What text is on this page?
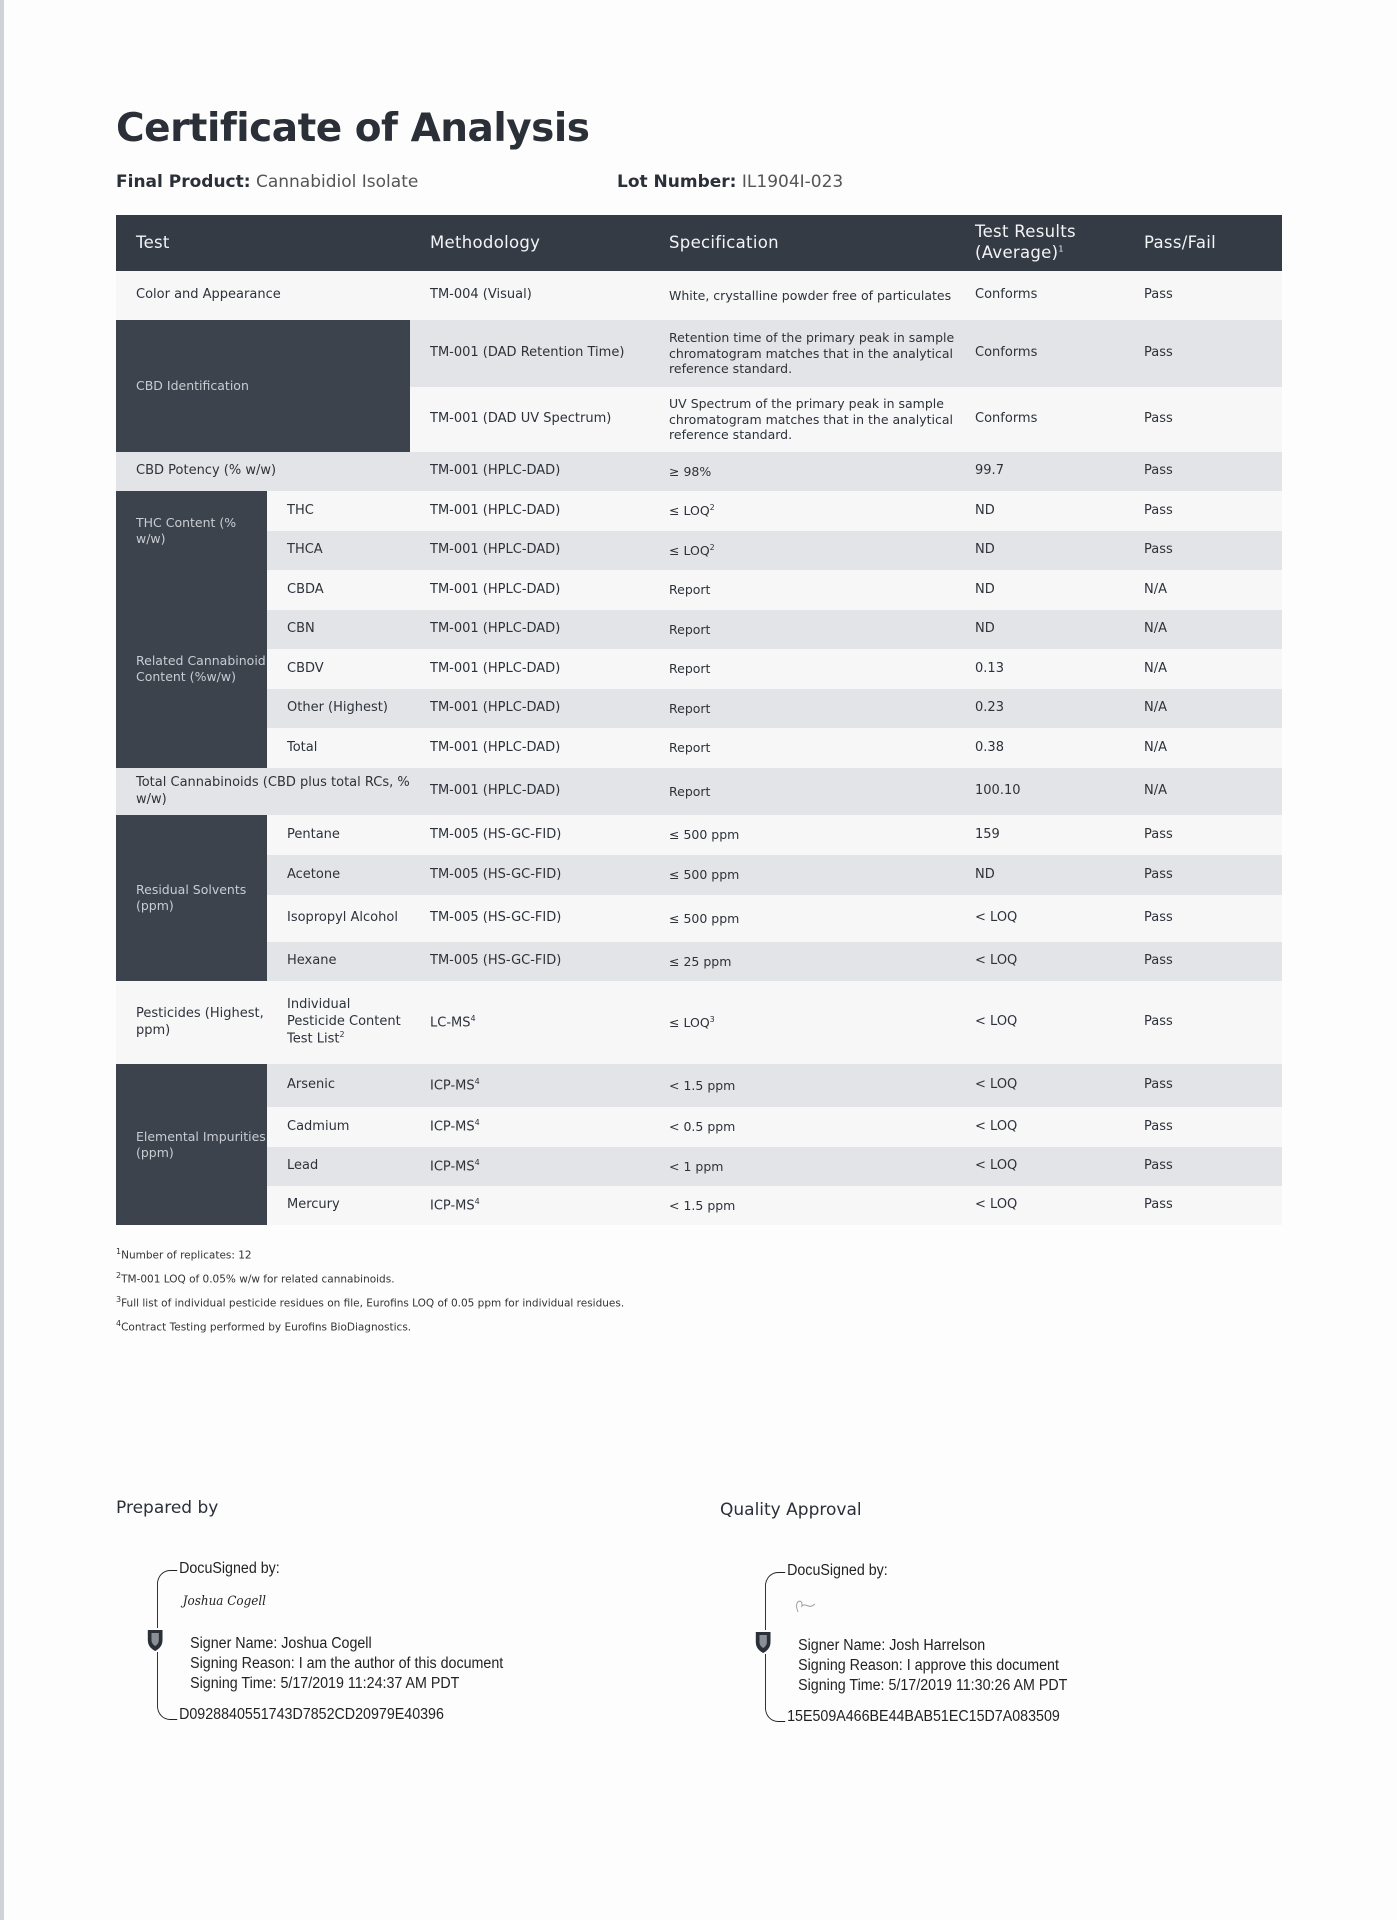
Certificate of Analysis
Final Product: Cannabidiol Isolate	Lot Number: IL1904I-023
Test		Methodology	Specification	Test Results (Average)$^1$	Pass/Fail
Color and Appearance		TM-004 (Visual)	White, crystalline powder free of particulates	Conforms	Pass
CBD Identification		TM-001 (DAD Retention Time)	Retention time of the primary peak in sample chromatogram matches that in the analytical reference standard.	Conforms	Pass
		TM-001 (DAD UV Spectrum)	UV Spectrum of the primary peak in sample chromatogram matches that in the analytical reference standard.	Conforms	Pass
CBD Potency (% w/w)		TM-001 (HPLC-DAD)	≥ 98%	99.7	Pass
THC Content (% w/w)	THC	TM-001 (HPLC-DAD)	≤ $LOQ^2$	ND	Pass
	THCA	TM-001 (HPLC-DAD)	≤ $LOQ^2$	ND	Pass
Related Cannabinoid Content (%w/w)	CBDA	TM-001 (HPLC-DAD)	Report	ND	N/A
	CBN	TM-001 (HPLC-DAD)	Report	ND	N/A
	CBDV	TM-001 (HPLC-DAD)	Report	0.13	N/A
	Other (Highest)	TM-001 (HPLC-DAD)	Report	0.23	N/A
	Total	TM-001 (HPLC-DAD)	Report	0.38	N/A
Total Cannabinoids (CBD plus total RCs, % w/w)		TM-001 (HPLC-DAD)	Report	100.10	N/A
Residual Solvents (ppm)	Pentane	TM-005 (HS-GC-FID)	≤ 500 ppm	159	Pass
	Acetone	TM-005 (HS-GC-FID)	≤ 500 ppm	ND	Pass
	Isopropyl Alcohol	TM-005 (HS-GC-FID)	≤ 500 ppm	< LOQ	Pass
	Hexane	TM-005 (HS-GC-FID)	≤ 25 ppm	< LOQ	Pass
Pesticides (Highest, ppm)	Individual Pesticide Content Test List$^2$	$LC-MS^4$	≤ $LOQ^3$	< LOQ	Pass
Elemental Impurities (ppm)	Arsenic	ICP-$MS^4$	< 1.5 ppm	< LOQ	Pass
	Cadmium	ICP-$MS^4$	< 0.5 ppm	< LOQ	Pass
	Lead	ICP-$MS^4$	< 1 ppm	< LOQ	Pass
	Mercury	ICP-$MS^4$	< 1.5 ppm	< LOQ	Pass
$^1$Number of replicates: 12
$^2$TM-001 LOQ of 0.05% w/w for related cannabinoids.
$^3$Full list of individual pesticide residues on file, Eurofins LOQ of 0.05 ppm for individual residues.
$^4$Contract Testing performed by Eurofins BioDiagnostics.
Prepared by	Quality Approval
DocuSigned by:
Joshua Cogell
Signer Name: Joshua Cogell
Signing Reason: I am the author of this document
Signing Time: 5/17/2019 11:24:37 AM PDT
D0928840551743D7852CD20979E40396
DocuSigned by:
Signer Name: Josh Harrelson
Signing Reason: I approve this document
Signing Time: 5/17/2019 11:30:26 AM PDT
15E509A466BE44BAB51EC15D7A083509
